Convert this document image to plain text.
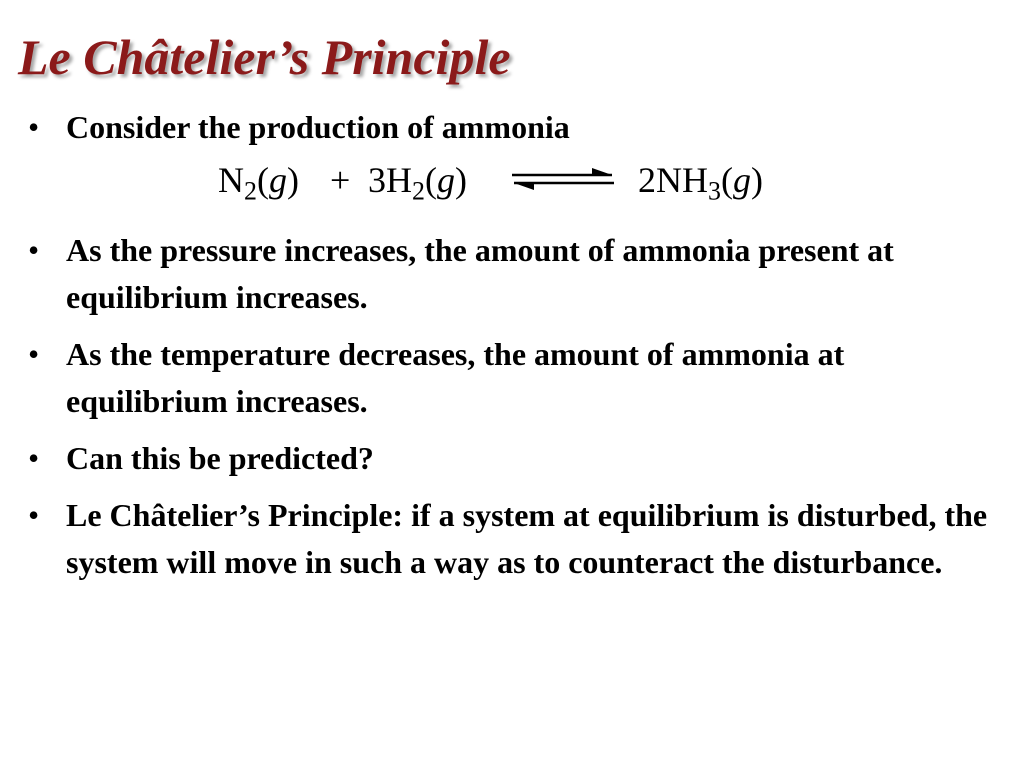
Le Châtelier’s Principle
• Consider the production of ammonia
$N_2(g) + 3H_2(g)$ ⇌ $2NH_3(g)$
• As the pressure increases, the amount of ammonia present at equilibrium increases.
• As the temperature decreases, the amount of ammonia at equilibrium increases.
• Can this be predicted?
• Le Châtelier’s Principle: if a system at equilibrium is disturbed, the system will move in such a way as to counteract the disturbance.
